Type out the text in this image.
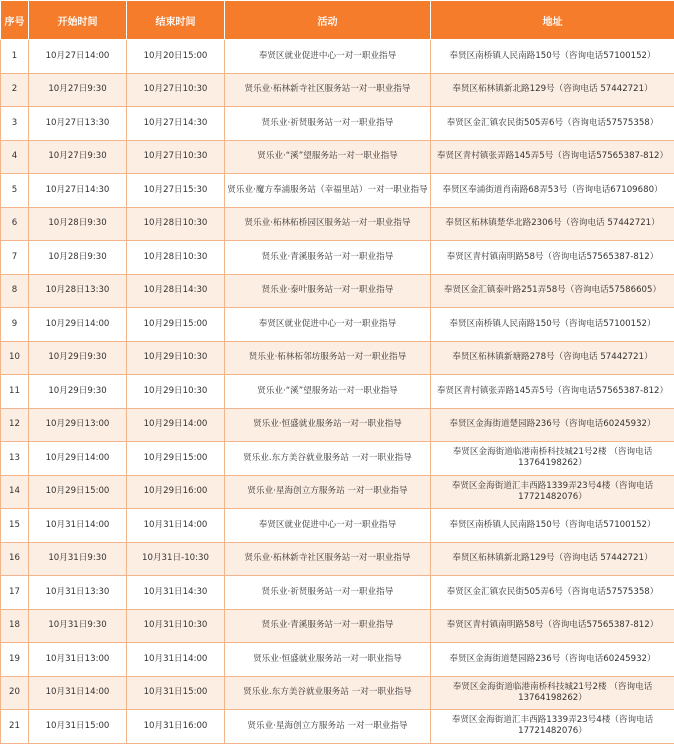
序号	开始时间	结束时间	活动	地址
1	10月27日14:00	10月20日15:00	奉贤区就业促进中心一对一职业指导	奉贤区南桥镇人民南路150号（咨询电话57100152）
2	10月27日9:30	10月27日10:30	贤乐业·柘林新寺社区服务站一对一职业指导	奉贤区柘林镇新北路129号（咨询电话 57442721）
3	10月27日13:30	10月27日14:30	贤乐业·祈贤服务站一对一职业指导	奉贤区金汇镇农民街505弄6号（咨询电话57575358）
4	10月27日9:30	10月27日10:30	贤乐业·“溪”望服务站一对一职业指导	奉贤区青村镇张弄路145弄5号（咨询电话57565387-812）
5	10月27日14:30	10月27日15:30	贤乐业·魔方奉浦服务站（幸福里站）一对一职业指导	奉贤区奉浦街道肖南路68弄53号（咨询电话67109680）
6	10月28日9:30	10月28日10:30	贤乐业·柘林柘桥园区服务站一对一职业指导	奉贤区柘林镇楚华北路2306号（咨询电话 57442721）
7	10月28日9:30	10月28日10:30	贤乐业·青溪服务站一对一职业指导	奉贤区青村镇南明路58号（咨询电话57565387-812）
8	10月28日13:30	10月28日14:30	贤乐业·泰叶服务站一对一职业指导	奉贤区金汇镇泰叶路251弄58号（咨询电话57586605）
9	10月29日14:00	10月29日15:00	奉贤区就业促进中心一对一职业指导	奉贤区南桥镇人民南路150号（咨询电话57100152）
10	10月29日9:30	10月29日10:30	贤乐业·柘林柘邻坊服务站一对一职业指导	奉贤区柘林镇新塘路278号（咨询电话 57442721）
11	10月29日9:30	10月29日10:30	贤乐业·“溪”望服务站一对一职业指导	奉贤区青村镇张弄路145弄5号（咨询电话57565387-812）
12	10月29日13:00	10月29日14:00	贤乐业·恒盛就业服务站一对一职业指导	奉贤区金海街道楚园路236号（咨询电话60245932）
13	10月29日14:00	10月29日15:00	贤乐业.东方美谷就业服务站 一对一职业指导	奉贤区金海街道临港南桥科技城21号2楼 （咨询电话13764198262）
14	10月29日15:00	10月29日16:00	贤乐业·星海创立方服务站 一对一职业指导	奉贤区金海街道汇丰西路1339弄23号4楼（咨询电话17721482076）
15	10月31日14:00	10月31日14:00	奉贤区就业促进中心一对一职业指导	奉贤区南桥镇人民南路150号（咨询电话57100152）
16	10月31日9:30	10月31日-10:30	贤乐业·柘林新寺社区服务站一对一职业指导	奉贤区柘林镇新北路129号（咨询电话 57442721）
17	10月31日13:30	10月31日14:30	贤乐业·祈贤服务站一对一职业指导	奉贤区金汇镇农民街505弄6号（咨询电话57575358）
18	10月31日9:30	10月31日10:30	贤乐业·青溪服务站一对一职业指导	奉贤区青村镇南明路58号（咨询电话57565387-812）
19	10月31日13:00	10月31日14:00	贤乐业·恒盛就业服务站一对一职业指导	奉贤区金海街道楚园路236号（咨询电话60245932）
20	10月31日14:00	10月31日15:00	贤乐业.东方美谷就业服务站 一对一职业指导	奉贤区金海街道临港南桥科技城21号2楼 （咨询电话13764198262）
21	10月31日15:00	10月31日16:00	贤乐业·星海创立方服务站 一对一职业指导	奉贤区金海街道汇丰西路1339弄23号4楼（咨询电话17721482076）
